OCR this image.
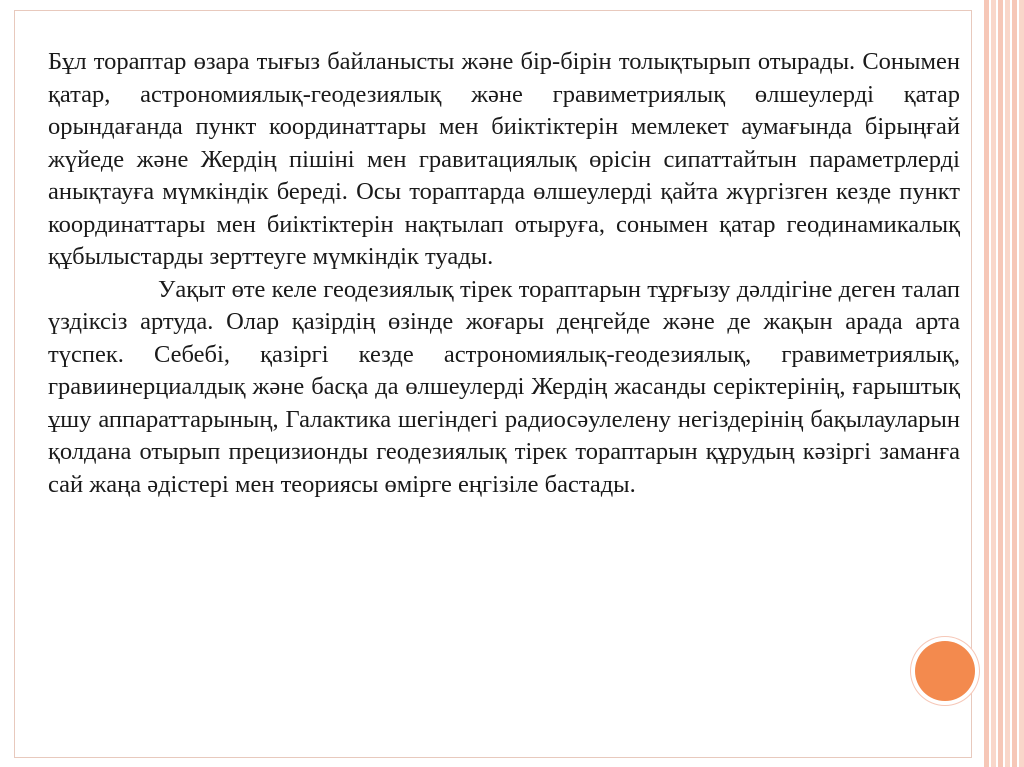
Бұл тораптар өзара тығыз байланысты және бір-бірін толықтырып отырады. Сонымен қатар, астрономиялық-геодезиялық және гравиметриялық өлшеулерді қатар орындағанда пункт координаттары мен биіктіктерін мемлекет аумағында бірыңғай жүйеде және Жердің пішіні мен гравитациялық өрісін сипаттайтын параметрлерді анықтауға мүмкіндік береді. Осы тораптарда өлшеулерді қайта жүргізген кезде пункт координаттары мен биіктіктерін нақтылап отыруға, сонымен қатар геодинамикалық құбылыстарды зерттеуге мүмкіндік туады.

Уақыт өте келе геодезиялық тірек тораптарын тұрғызу дәлдігіне деген талап үздіксіз артуда. Олар қазірдің өзінде жоғары деңгейде және де жақын арада арта түспек. Себебі, қазіргі кезде астрономиялық-геодезиялық, гравиметриялық, гравиинерциалдық және басқа да өлшеулерді Жердің жасанды серіктерінің, ғарыштық ұшу аппараттарының, Галактика шегіндегі радиосәулелену негіздерінің бақылауларын қолдана отырып прецизионды геодезиялық тірек тораптарын құрудың кәзіргі заманға сай жаңа әдістері мен теориясы өмірге еңгізіле бастады.
